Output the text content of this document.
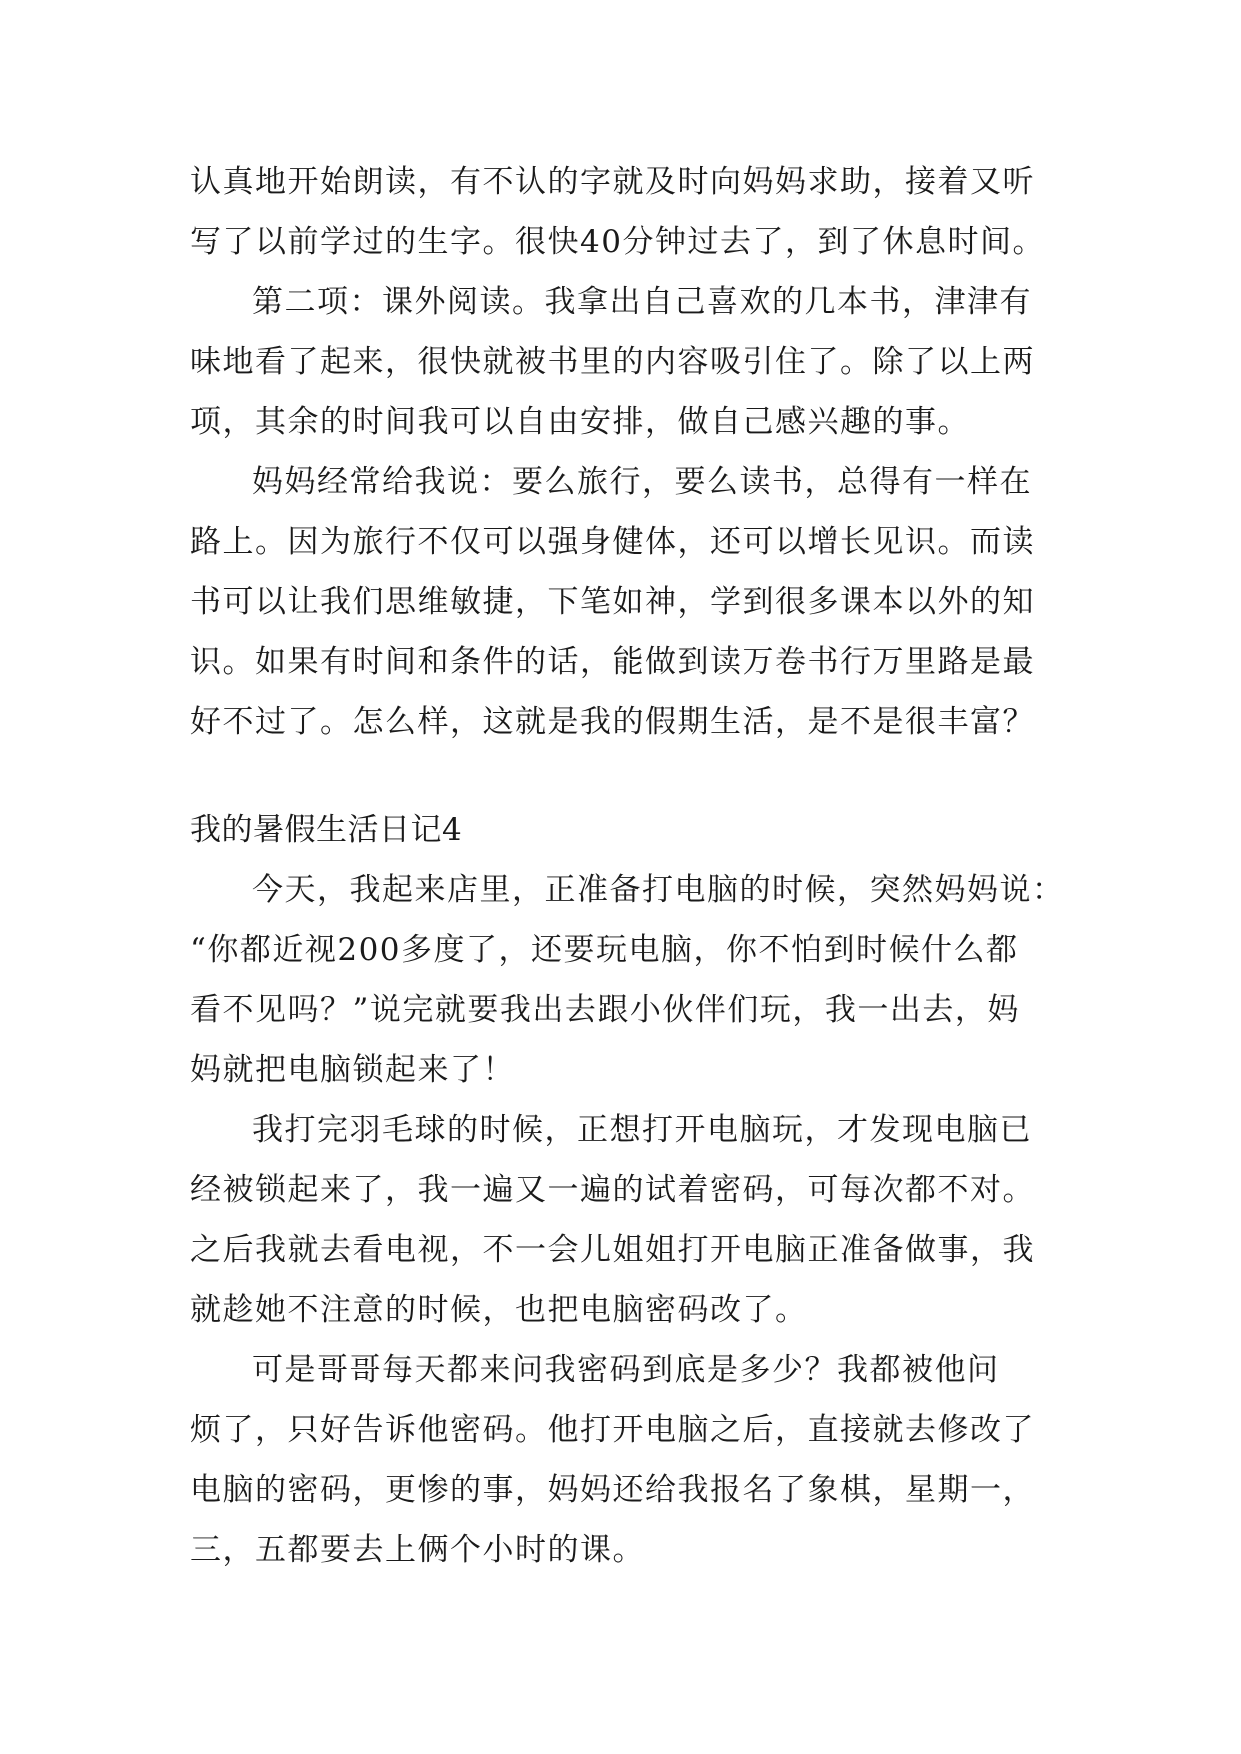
认真地开始朗读，有不认的字就及时向妈妈求助，接着又听

写了以前学过的生字。很快40分钟过去了，到了休息时间。

第二项：课外阅读。我拿出自己喜欢的几本书，津津有

味地看了起来，很快就被书里的内容吸引住了。除了以上两

项，其余的时间我可以自由安排，做自己感兴趣的事。

妈妈经常给我说：要么旅行，要么读书，总得有一样在

路上。因为旅行不仅可以强身健体，还可以增长见识。而读

书可以让我们思维敏捷，下笔如神，学到很多课本以外的知

识。如果有时间和条件的话，能做到读万卷书行万里路是最

好不过了。怎么样，这就是我的假期生活，是不是很丰富？

我的暑假生活日记4

今天，我起来店里，正准备打电脑的时候，突然妈妈说：

“你都近视200多度了，还要玩电脑，你不怕到时候什么都

看不见吗？”说完就要我出去跟小伙伴们玩，我一出去，妈

妈就把电脑锁起来了！

我打完羽毛球的时候，正想打开电脑玩，才发现电脑已

经被锁起来了，我一遍又一遍的试着密码，可每次都不对。

之后我就去看电视，不一会儿姐姐打开电脑正准备做事，我

就趁她不注意的时候，也把电脑密码改了。

可是哥哥每天都来问我密码到底是多少？我都被他问

烦了，只好告诉他密码。他打开电脑之后，直接就去修改了

电脑的密码，更惨的事，妈妈还给我报名了象棋，星期一，

三，五都要去上俩个小时的课。
